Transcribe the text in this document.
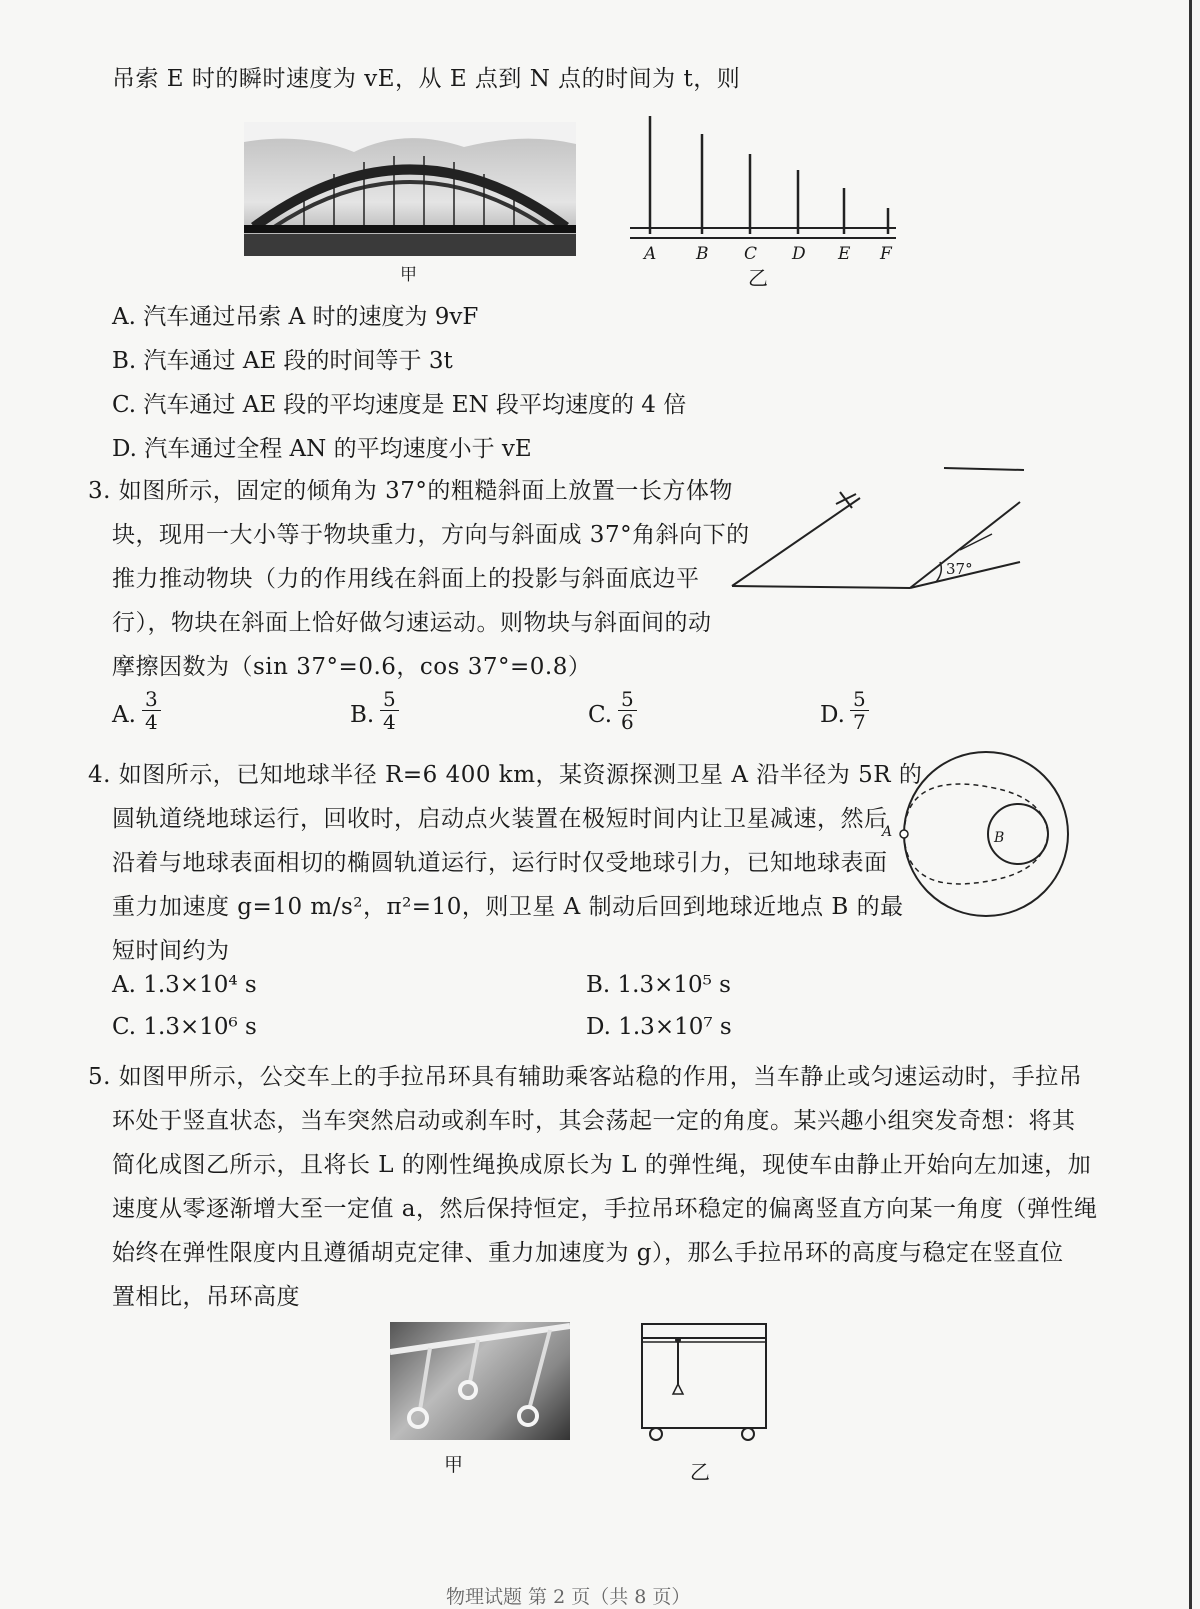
吊索 E 时的瞬时速度为 vE，从 E 点到 N 点的时间为 t，则
甲
A B C D E F
乙
A. 汽车通过吊索 A 时的速度为 9vF
B. 汽车通过 AE 段的时间等于 3t
C. 汽车通过 AE 段的平均速度是 EN 段平均速度的 4 倍
D. 汽车通过全程 AN 的平均速度小于 vE
3. 如图所示，固定的倾角为 37°的粗糙斜面上放置一长方体物
块，现用一大小等于物块重力，方向与斜面成 37°角斜向下的
推力推动物块（力的作用线在斜面上的投影与斜面底边平
行），物块在斜面上恰好做匀速运动。则物块与斜面间的动
摩擦因数为（sin 37°=0.6，cos 37°=0.8）
37°
A. $\frac{3}{4}$	B. $\frac{5}{4}$	C. $\frac{5}{6}$	D. $\frac{5}{7}$
4. 如图所示，已知地球半径 R=6 400 km，某资源探测卫星 A 沿半径为 5R 的
圆轨道绕地球运行，回收时，启动点火装置在极短时间内让卫星减速，然后
沿着与地球表面相切的椭圆轨道运行，运行时仅受地球引力，已知地球表面
重力加速度 g=10 m/s²，π²=10，则卫星 A 制动后回到地球近地点 B 的最
短时间约为
A	B
A. 1.3×10⁴ s	B. 1.3×10⁵ s
C. 1.3×10⁶ s	D. 1.3×10⁷ s
5. 如图甲所示，公交车上的手拉吊环具有辅助乘客站稳的作用，当车静止或匀速运动时，手拉吊
环处于竖直状态，当车突然启动或刹车时，其会荡起一定的角度。某兴趣小组突发奇想：将其
简化成图乙所示，且将长 L 的刚性绳换成原长为 L 的弹性绳，现使车由静止开始向左加速，加
速度从零逐渐增大至一定值 a，然后保持恒定，手拉吊环稳定的偏离竖直方向某一角度（弹性绳
始终在弹性限度内且遵循胡克定律、重力加速度为 g），那么手拉吊环的高度与稳定在竖直位
置相比，吊环高度
甲	乙
物理试题 第 2 页（共 8 页）
